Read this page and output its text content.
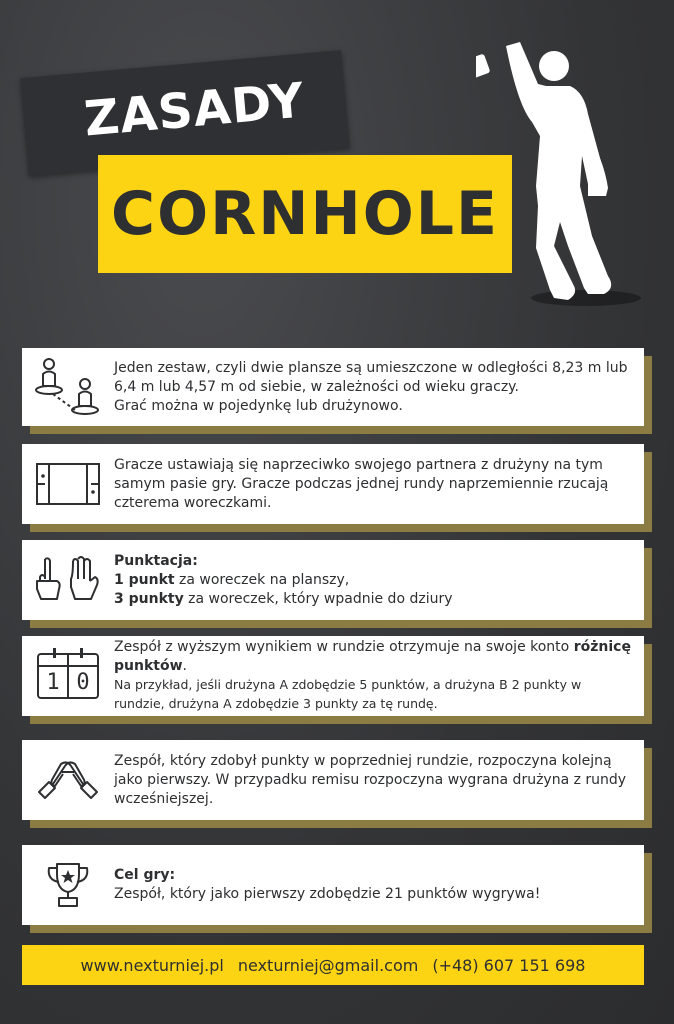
ZASADY
CORNHOLE
Jeden zestaw, czyli dwie plansze są umieszczone w odległości 8,23 m lub 6,4 m lub 4,57 m od siebie, w zależności od wieku graczy.
Grać można w pojedynkę lub drużynowo.
Gracze ustawiają się naprzeciwko swojego partnera z drużyny na tym samym pasie gry. Gracze podczas jednej rundy naprzemiennie rzucają czterema woreczkami.
Punktacja:
1 punkt za woreczek na planszy,
3 punkty za woreczek, który wpadnie do dziury
1 0
Zespół z wyższym wynikiem w rundzie otrzymuje na swoje konto różnicę punktów.
Na przykład, jeśli drużyna A zdobędzie 5 punktów, a drużyna B 2 punkty w rundzie, drużyna A zdobędzie 3 punkty za tę rundę.
Zespół, który zdobył punkty w poprzedniej rundzie, rozpoczyna kolejną jako pierwszy. W przypadku remisu rozpoczyna wygrana drużyna z rundy wcześniejszej.
Cel gry:
Zespół, który jako pierwszy zdobędzie 21 punktów wygrywa!
www.nexturniej.pl nexturniej@gmail.com (+48) 607 151 698
